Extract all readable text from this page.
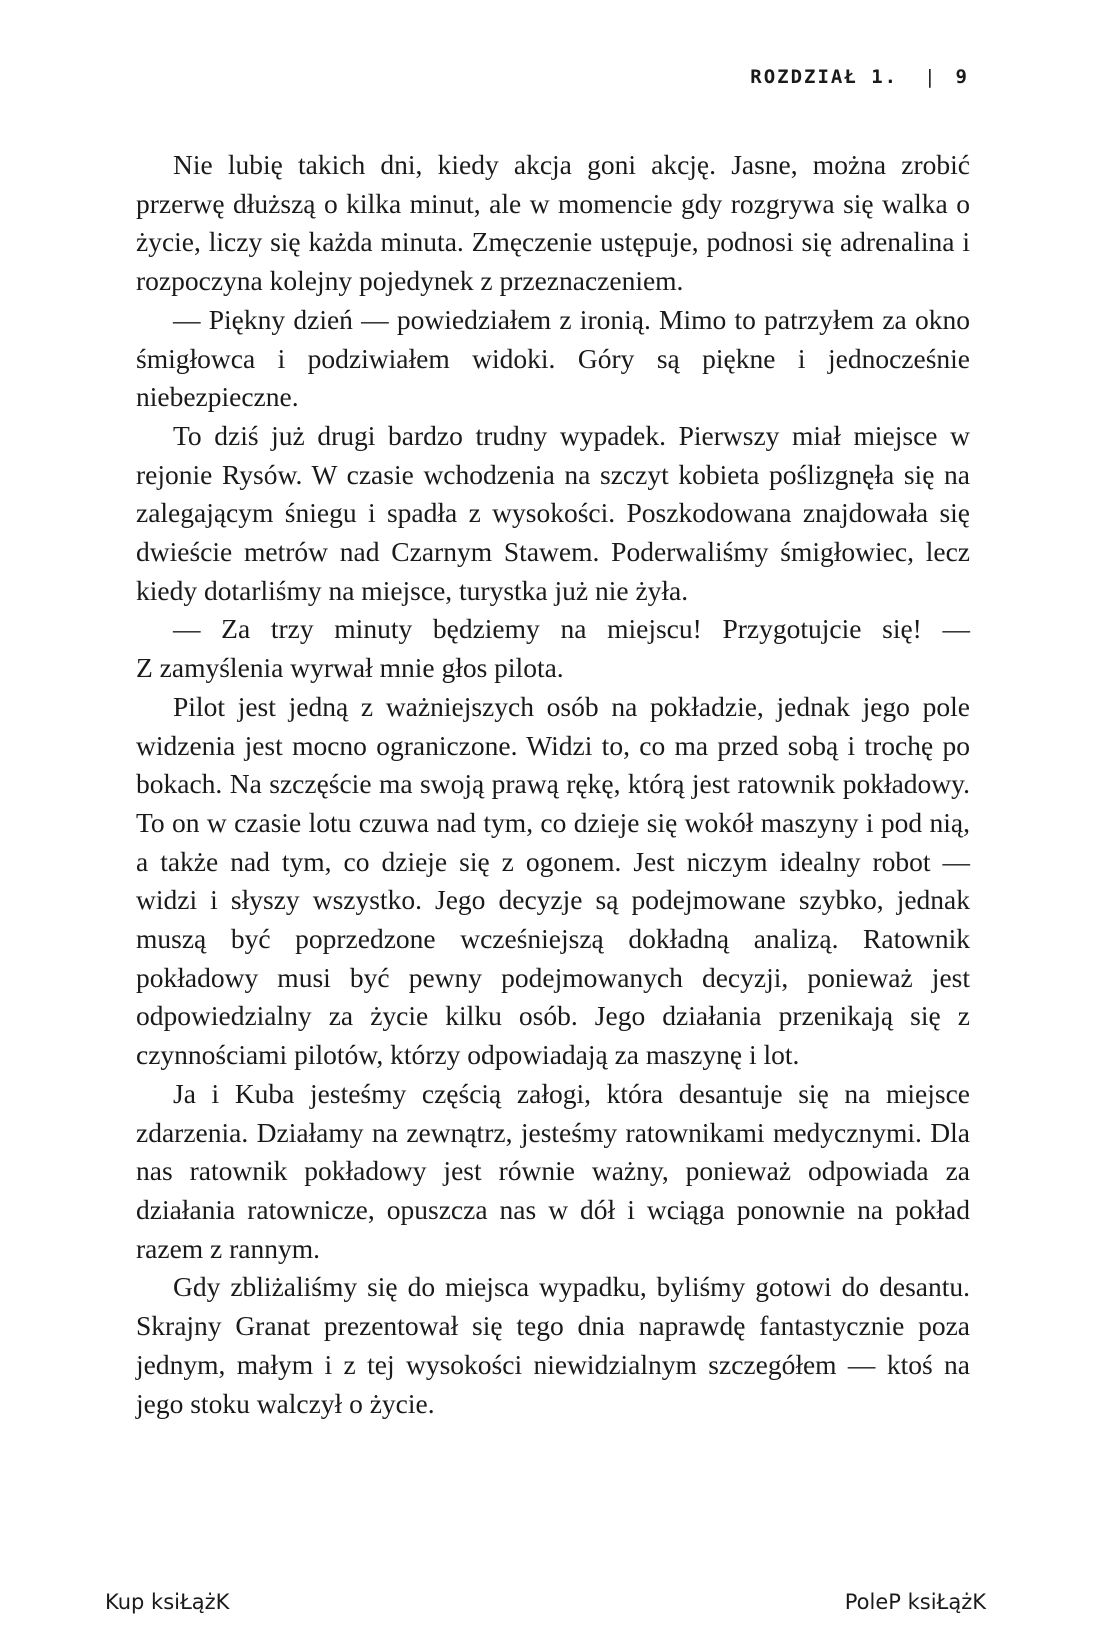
ROZDZIAŁ 1. | 9

Nie lubię takich dni, kiedy akcja goni akcję. Jasne, można zrobić przerwę dłuższą o kilka minut, ale w momencie gdy rozgrywa się walka o życie, liczy się każda minuta. Zmęczenie ustępuje, podnosi się adrenalina i rozpoczyna kolejny pojedynek z przeznaczeniem.

— Piękny dzień — powiedziałem z ironią. Mimo to patrzyłem za okno śmigłowca i podziwiałem widoki. Góry są piękne i jednocześnie niebezpieczne.

To dziś już drugi bardzo trudny wypadek. Pierwszy miał miejsce w rejonie Rysów. W czasie wchodzenia na szczyt kobieta poślizgnęła się na zalegającym śniegu i spadła z wysokości. Poszkodowana znajdowała się dwieście metrów nad Czarnym Stawem. Poderwaliśmy śmigłowiec, lecz kiedy dotarliśmy na miejsce, turystka już nie żyła.

— Za trzy minuty będziemy na miejscu! Przygotujcie się! —

Z zamyślenia wyrwał mnie głos pilota.

Pilot jest jedną z ważniejszych osób na pokładzie, jednak jego pole widzenia jest mocno ograniczone. Widzi to, co ma przed sobą i trochę po bokach. Na szczęście ma swoją prawą rękę, którą jest ratownik pokładowy. To on w czasie lotu czuwa nad tym, co dzieje się wokół maszyny i pod nią, a także nad tym, co dzieje się z ogonem. Jest niczym idealny robot — widzi i słyszy wszystko. Jego decyzje są podejmowane szybko, jednak muszą być poprzedzone wcześniejszą dokładną analizą. Ratownik pokładowy musi być pewny podejmowanych decyzji, ponieważ jest odpowiedzialny za życie kilku osób. Jego działania przenikają się z czynnościami pilotów, którzy odpowiadają za maszynę i lot.

Ja i Kuba jesteśmy częścią załogi, która desantuje się na miejsce zdarzenia. Działamy na zewnątrz, jesteśmy ratownikami medycznymi. Dla nas ratownik pokładowy jest równie ważny, ponieważ odpowiada za działania ratownicze, opuszcza nas w dół i wciąga ponownie na pokład razem z rannym.

Gdy zbliżaliśmy się do miejsca wypadku, byliśmy gotowi do desantu. Skrajny Granat prezentował się tego dnia naprawdę fantastycznie poza jednym, małym i z tej wysokości niewidzialnym szczegółem — ktoś na jego stoku walczył o życie.

Kup ksiŁążK	PoleP ksiŁążK
